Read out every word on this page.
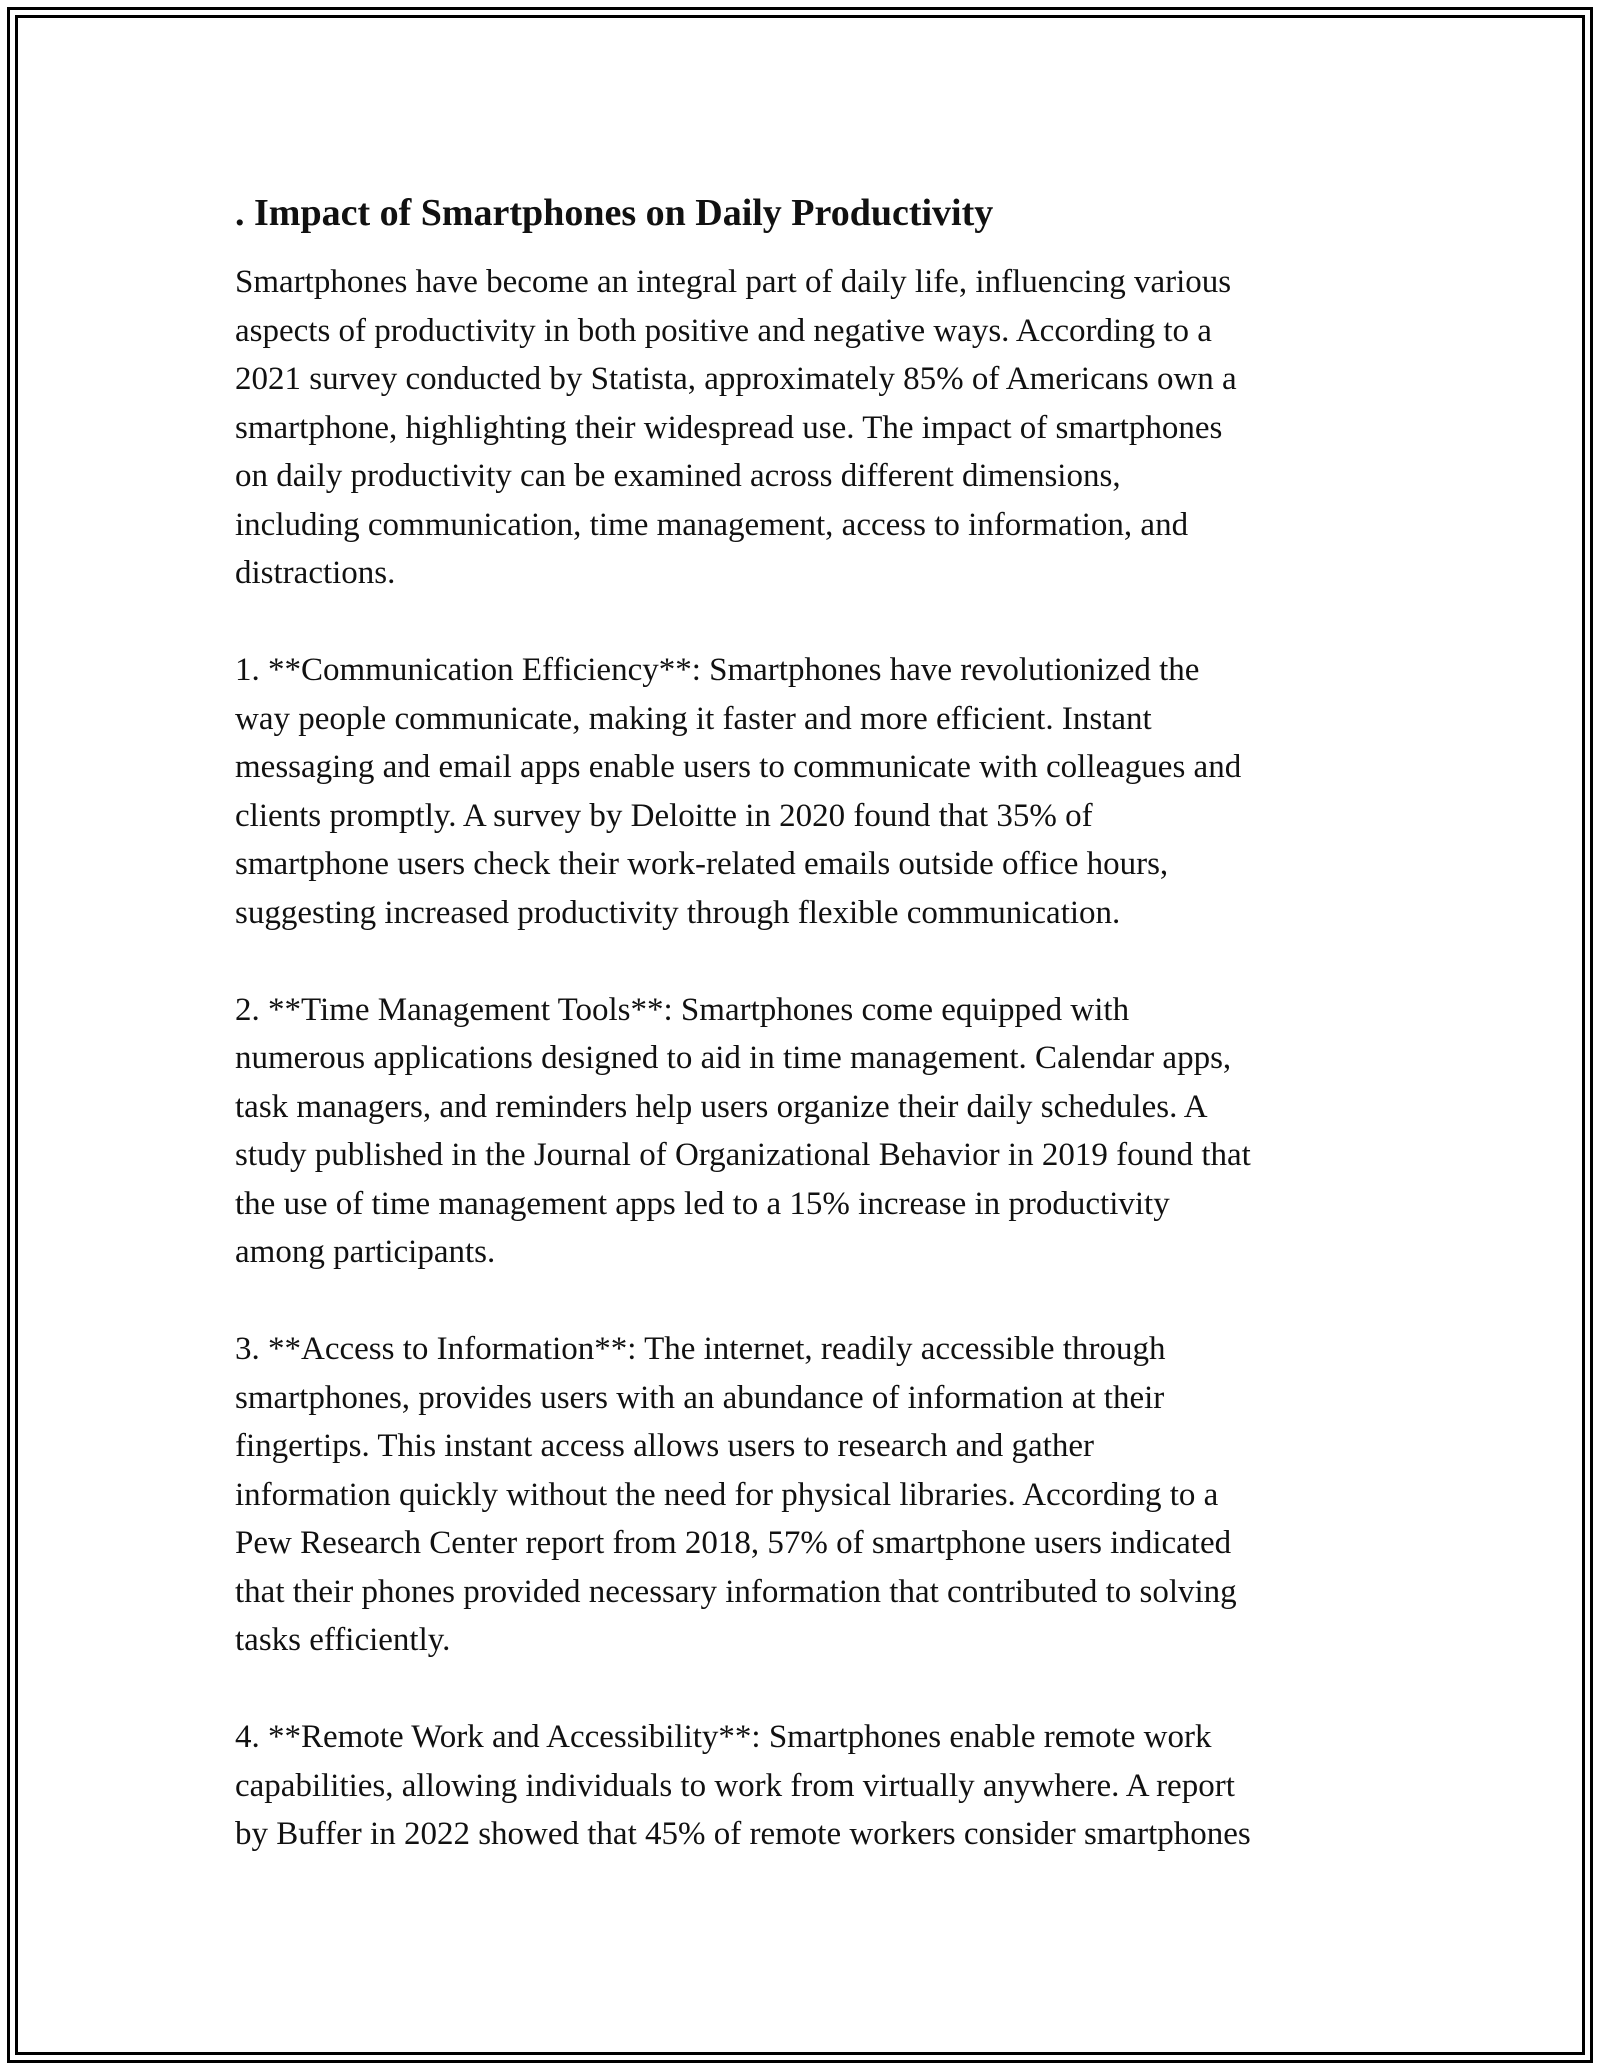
. Impact of Smartphones on Daily Productivity
Smartphones have become an integral part of daily life, influencing various
aspects of productivity in both positive and negative ways. According to a
2021 survey conducted by Statista, approximately 85% of Americans own a
smartphone, highlighting their widespread use. The impact of smartphones
on daily productivity can be examined across different dimensions,
including communication, time management, access to information, and
distractions.
1. **Communication Efficiency**: Smartphones have revolutionized the
way people communicate, making it faster and more efficient. Instant
messaging and email apps enable users to communicate with colleagues and
clients promptly. A survey by Deloitte in 2020 found that 35% of
smartphone users check their work-related emails outside office hours,
suggesting increased productivity through flexible communication.
2. **Time Management Tools**: Smartphones come equipped with
numerous applications designed to aid in time management. Calendar apps,
task managers, and reminders help users organize their daily schedules. A
study published in the Journal of Organizational Behavior in 2019 found that
the use of time management apps led to a 15% increase in productivity
among participants.
3. **Access to Information**: The internet, readily accessible through
smartphones, provides users with an abundance of information at their
fingertips. This instant access allows users to research and gather
information quickly without the need for physical libraries. According to a
Pew Research Center report from 2018, 57% of smartphone users indicated
that their phones provided necessary information that contributed to solving
tasks efficiently.
4. **Remote Work and Accessibility**: Smartphones enable remote work
capabilities, allowing individuals to work from virtually anywhere. A report
by Buffer in 2022 showed that 45% of remote workers consider smartphones
